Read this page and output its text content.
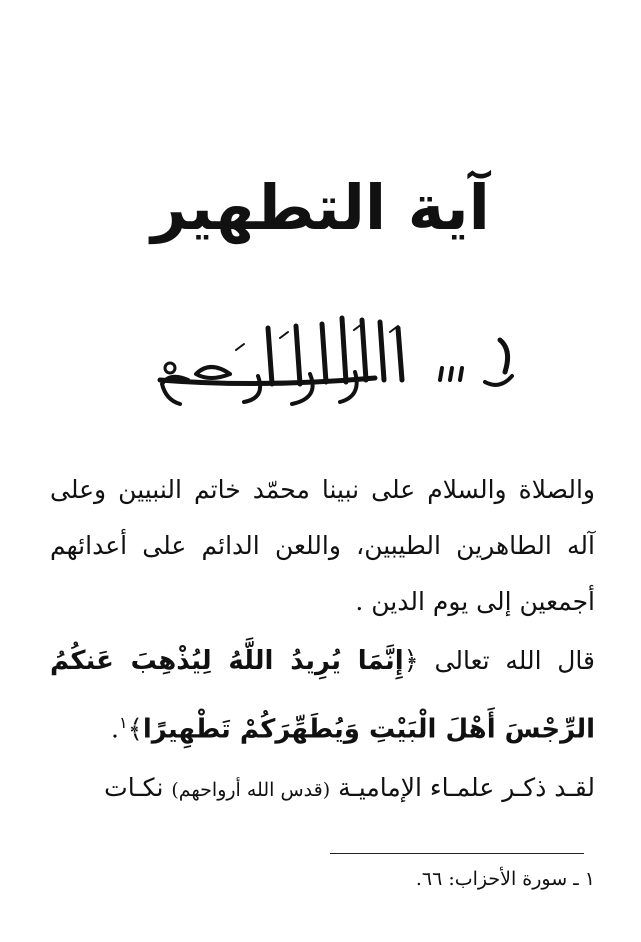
آية التطهير
والصلاة والسلام على نبينا محمّد خاتم النبيين وعلى آله الطاهرين الطيبين، واللعن الدائم على أعدائهم أجمعين إلى يوم الدين .
قال الله تعالى ﴿إِنَّمَا يُرِيدُ اللَّهُ لِيُذْهِبَ عَنكُمُ الرِّجْسَ أَهْلَ الْبَيْتِ وَيُطَهِّرَكُمْ تَطْهِيرًا﴾$^١$.
لقـد ذكـر علمـاء الإماميـة (قدس الله أرواحهم) نكـات
١ ـ سورة الأحزاب: ٦٦.
